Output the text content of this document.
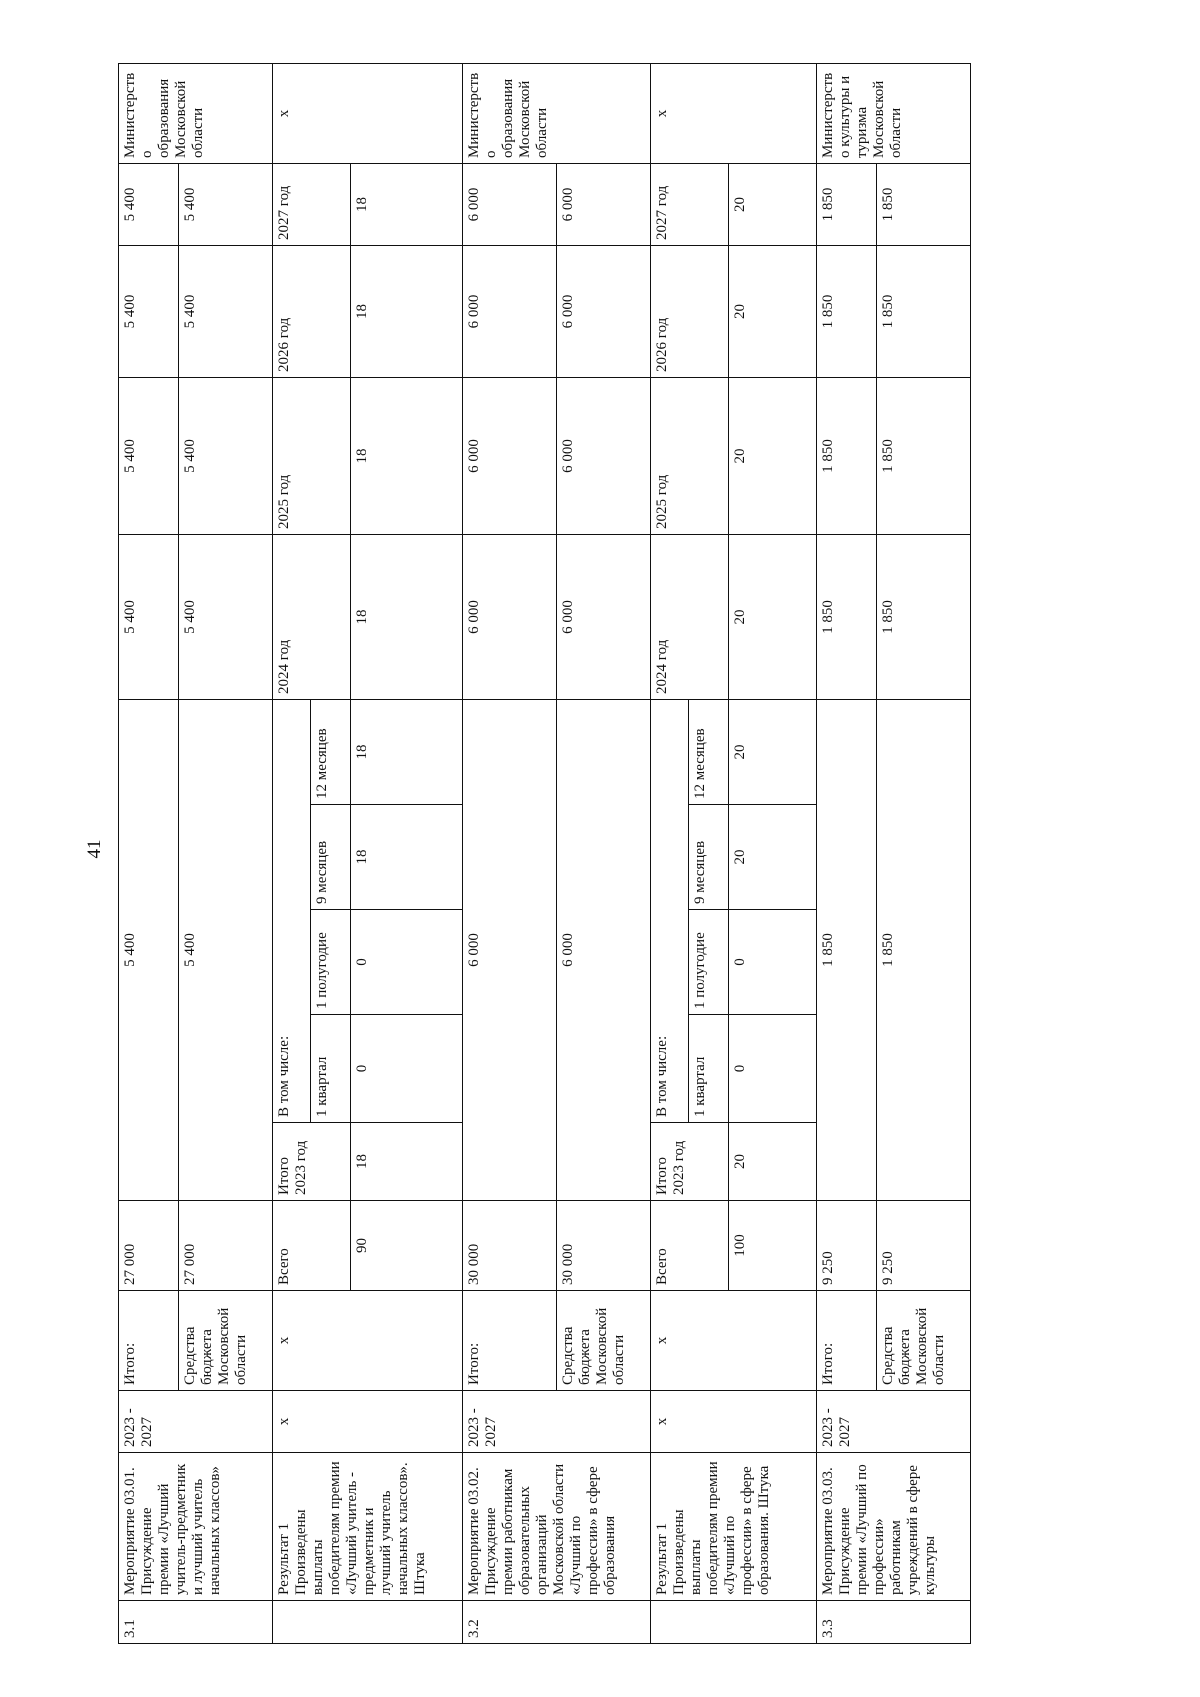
41
3.1	Мероприятие 03.01. Присуждение премии «Лучший учитель-предметник и лучший учитель начальных классов»	2023 - 2027	Итого:	27 000	5 400					5 400	5 400	5 400	5 400	Министерство образования Московской области
			Средства бюджета Московской области	27 000	5 400					5 400	5 400	5 400	5 400	
	Результат 1 Произведены выплаты победителям премии «Лучший учитель - предметник и лучший учитель начальных классов». Штука	x	x	Всего	Итого 2023 год	В том числе:				2024 год	2025 год	2026 год	2027 год	x
						1 квартал	1 полугодие	9 месяцев	12 месяцев					
				90	18	0	0	18	18	18	18	18	18	
3.2	Мероприятие 03.02. Присуждение премии работникам образовательных организаций Московской области «Лучший по профессии» в сфере образования	2023 - 2027	Итого:	30 000	6 000					6 000	6 000	6 000	6 000	Министерство образования Московской области
			Средства бюджета Московской области	30 000	6 000					6 000	6 000	6 000	6 000	
	Результат 1 Произведены выплаты победителям премии «Лучший по профессии» в сфере образования. Штука	x	x	Всего	Итого 2023 год	В том числе:				2024 год	2025 год	2026 год	2027 год	x
						1 квартал	1 полугодие	9 месяцев	12 месяцев					
				100	20	0	0	20	20	20	20	20	20	
3.3	Мероприятие 03.03. Присуждение премии «Лучший по профессии» работникам учреждений в сфере культуры	2023 - 2027	Итого:	9 250	1 850					1 850	1 850	1 850	1 850	Министерство культуры и туризма Московской области
			Средства бюджета Московской области	9 250	1 850					1 850	1 850	1 850	1 850	
